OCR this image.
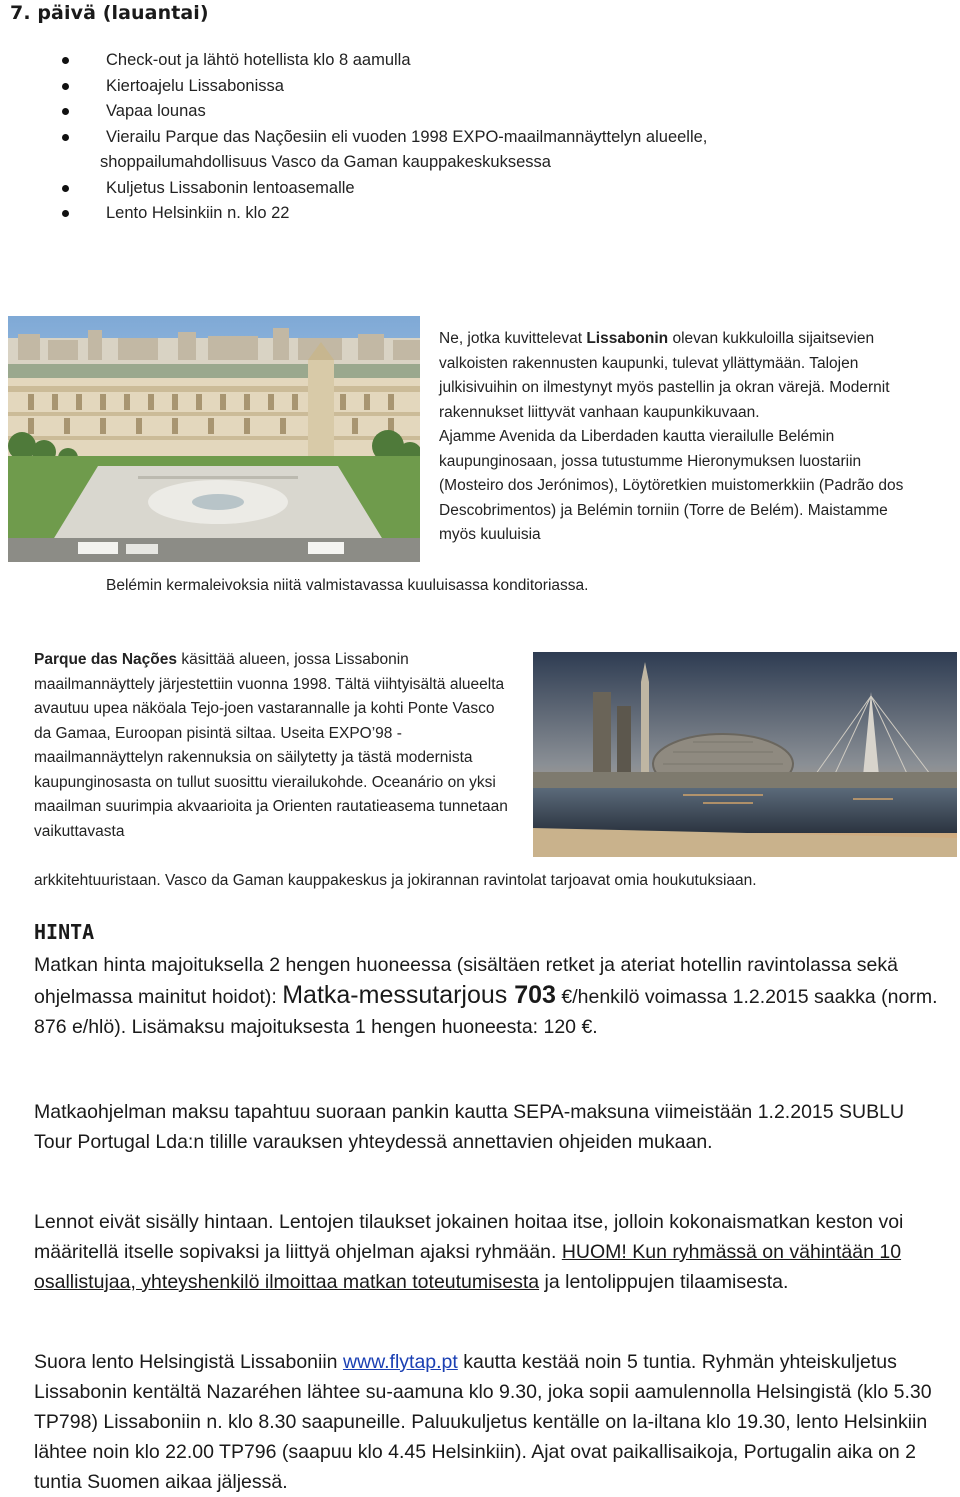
7. päivä (lauantai)
Check-out ja lähtö hotellista klo 8 aamulla
Kiertoajelu Lissabonissa
Vapaa lounas
Vierailu Parque das Naçõesiin eli vuoden 1998 EXPO-maailmannäyttelyn alueelle,
shoppailumahdollisuus Vasco da Gaman kauppakeskuksessa
Kuljetus Lissabonin lentoasemalle
Lento Helsinkiin n. klo 22
Ne, jotka kuvittelevat Lissabonin olevan kukkuloilla sijaitsevien valkoisten rakennusten kaupunki, tulevat yllättymään. Talojen julkisivuihin on ilmestynyt myös pastellin ja okran värejä. Modernit rakennukset liittyvät vanhaan kaupunkikuvaan.
Ajamme Avenida da Liberdaden kautta vierailulle Belémin kaupunginosaan, jossa tutustumme Hieronymuksen luostariin (Mosteiro dos Jerónimos), Löytöretkien muistomerkkiin (Padrão dos Descobrimentos) ja Belémin torniin (Torre de Belém). Maistamme myös kuuluisia
Belémin kermaleivoksia niitä valmistavassa kuuluisassa konditoriassa.
Parque das Nações käsittää alueen, jossa Lissabonin maailmannäyttely järjestettiin vuonna 1998. Tältä viihtyisältä alueelta avautuu upea näköala Tejo-joen vastarannalle ja kohti Ponte Vasco da Gamaa, Euroopan pisintä siltaa. Useita EXPO’98 -maailmannäyttelyn rakennuksia on säilytetty ja tästä modernista kaupunginosasta on tullut suosittu vierailukohde. Oceanário on yksi maailman suurimpia akvaarioita ja Orienten rautatieasema tunnetaan vaikuttavasta
arkkitehtuuristaan. Vasco da Gaman kauppakeskus ja jokirannan ravintolat tarjoavat omia houkutuksiaan.
HINTA
Matkan hinta majoituksella 2 hengen huoneessa (sisältäen retket ja ateriat hotellin ravintolassa sekä ohjelmassa mainitut hoidot): Matka-messutarjous 703 €/henkilö voimassa 1.2.2015 saakka (norm. 876 e/hlö). Lisämaksu majoituksesta 1 hengen huoneesta: 120 €.
Matkaohjelman maksu tapahtuu suoraan pankin kautta SEPA-maksuna viimeistään 1.2.2015 SUBLU Tour Portugal Lda:n tilille varauksen yhteydessä annettavien ohjeiden mukaan.
Lennot eivät sisälly hintaan. Lentojen tilaukset jokainen hoitaa itse, jolloin kokonaismatkan keston voi määritellä itselle sopivaksi ja liittyä ohjelman ajaksi ryhmään. HUOM! Kun ryhmässä on vähintään 10 osallistujaa, yhteyshenkilö ilmoittaa matkan toteutumisesta ja lentolippujen tilaamisesta.
Suora lento Helsingistä Lissaboniin www.flytap.pt kautta kestää noin 5 tuntia. Ryhmän yhteiskuljetus Lissabonin kentältä Nazaréhen lähtee su-aamuna klo 9.30, joka sopii aamulennolla Helsingistä (klo 5.30 TP798) Lissaboniin n. klo 8.30 saapuneille. Paluukuljetus kentälle on la-iltana klo 19.30, lento Helsinkiin lähtee noin klo 22.00 TP796 (saapuu klo 4.45 Helsinkiin). Ajat ovat paikallisaikoja, Portugalin aika on 2 tuntia Suomen aikaa jäljessä.
